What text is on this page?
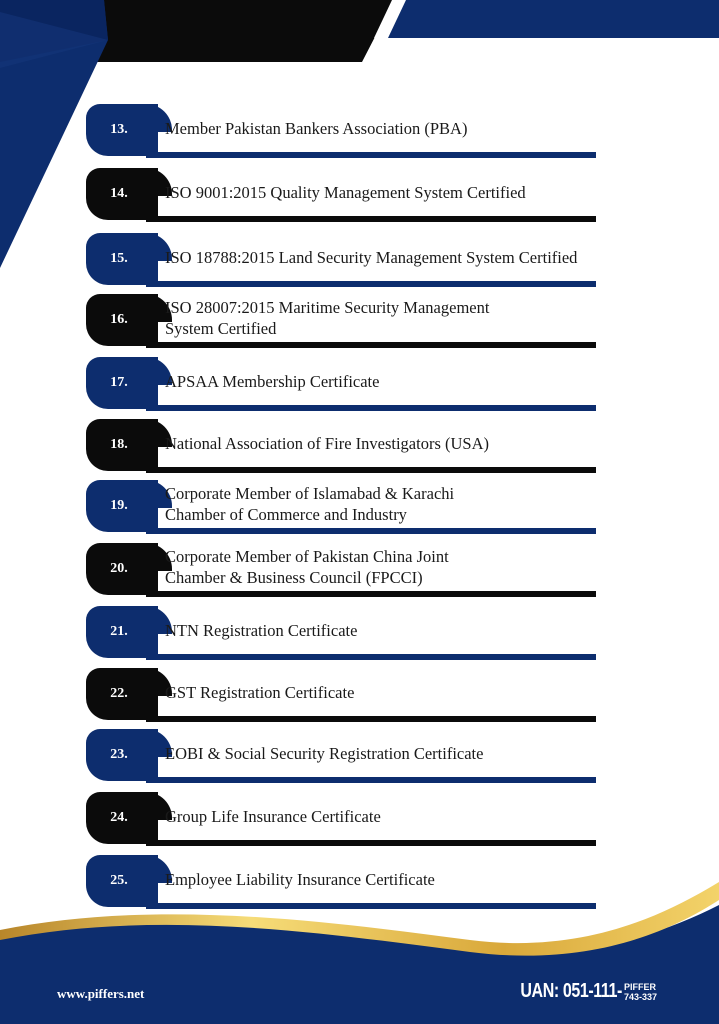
13. Member Pakistan Bankers Association (PBA)
14. ISO 9001:2015 Quality Management System Certified
15. ISO 18788:2015 Land Security Management System Certified
16.
ISO 28007:2015 Maritime Security Management
System Certified
17. APSAA Membership Certificate
18. National Association of Fire Investigators (USA)
19.
Corporate Member of Islamabad & Karachi
Chamber of Commerce and Industry
20.
Corporate Member of Pakistan China Joint
Chamber & Business Council (FPCCI)
21. NTN Registration Certificate
22. GST Registration Certificate
23. EOBI & Social Security Registration Certificate
24. Group Life Insurance Certificate
25. Employee Liability Insurance Certificate
www.piffers.net	UAN: 051-111- PIFFER
743-337
